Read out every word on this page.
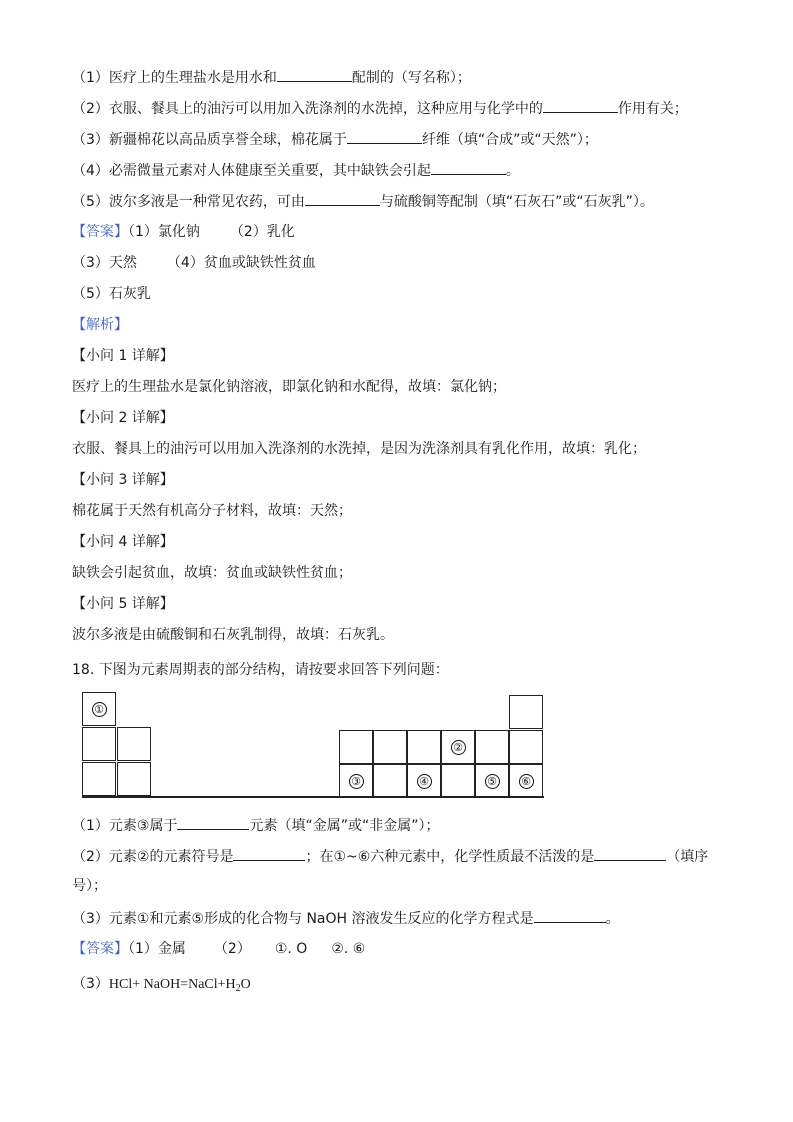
（1）医疗上的生理盐水是用水和	配制的（写名称）；
（2）衣服、餐具上的油污可以用加入洗涤剂的水洗掉，这种应用与化学中的	作用有关；
（3）新疆棉花以高品质享誉全球，棉花属于	纤维（填“合成”或“天然”）；
（4）必需微量元素对人体健康至关重要，其中缺铁会引起	。
（5）波尔多液是一种常见农药，可由	与硫酸铜等配制（填“石灰石”或“石灰乳”）。
【答案】（1）氯化钠 （2）乳化
（3）天然 （4）贫血或缺铁性贫血
（5）石灰乳
【解析】
【小问 1 详解】
医疗上的生理盐水是氯化钠溶液，即氯化钠和水配得，故填：氯化钠；
【小问 2 详解】
衣服、餐具上的油污可以用加入洗涤剂的水洗掉，是因为洗涤剂具有乳化作用，故填：乳化；
【小问 3 详解】
棉花属于天然有机高分子材料，故填：天然；
【小问 4 详解】
缺铁会引起贫血，故填：贫血或缺铁性贫血；
【小问 5 详解】
波尔多液是由硫酸铜和石灰乳制得，故填：石灰乳。
18. 下图为元素周期表的部分结构，请按要求回答下列问题：
①
②
③	④	⑤ ⑥
（1）元素③属于	元素（填“金属”或“非金属”）；
（2）元素②的元素符号是	；在①~⑥六种元素中，化学性质最不活泼的是	（填序
号）；
（3）元素①和元素⑤形成的化合物与 NaOH 溶液发生反应的化学方程式是	。
【答案】（1）金属 （2） ①. O ②. ⑥
$(3)HCl+ NaOH=NaCl+H_2O$
